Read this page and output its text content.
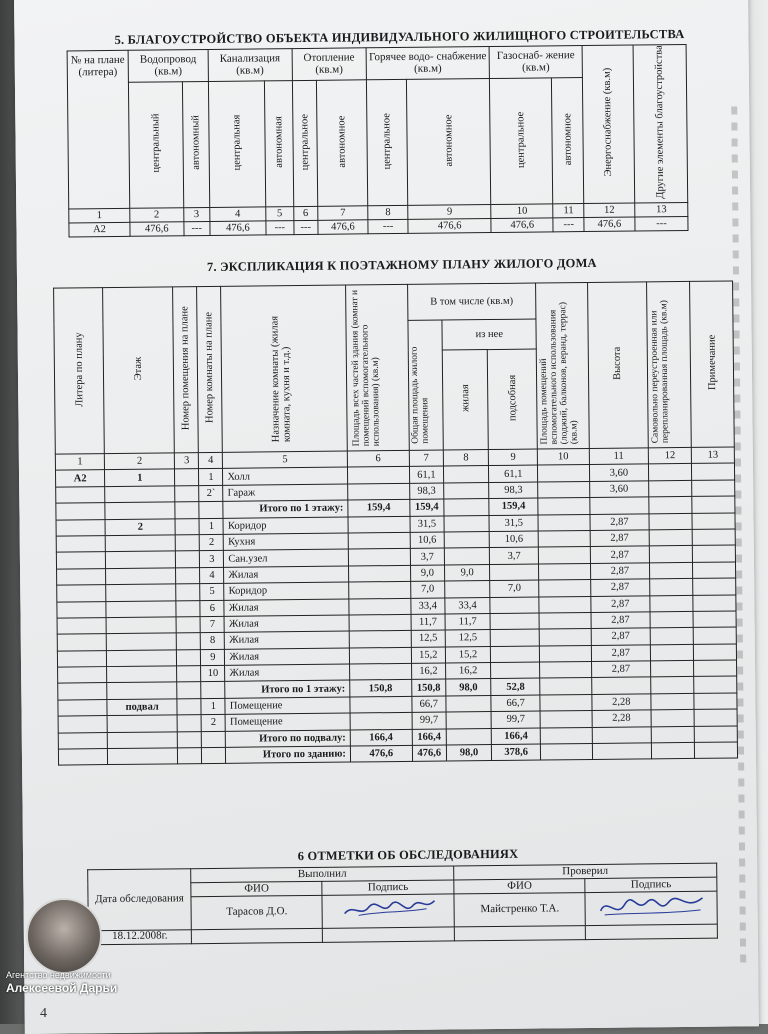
5. БЛАГОУСТРОЙСТВО ОБЪЕКТА ИНДИВИДУАЛЬНОГО ЖИЛИЩНОГО СТРОИТЕЛЬСТВА
№ на плане (литера)	Водопровод (кв.м)		Канализация (кв.м)		Отопление (кв.м)		Горячее водо- снабжение (кв.м)		Газоснаб- жение (кв.м)		Энергоснабжение (кв.м)	Другие элементы благоустройства
	центральный	автономный	центральная	автономная	центральное	автономное	центральное	автономное	центральное	автономное		
1	2	3	4	5	6	7	8	9	10	11	12	13
А2	476,6	---	476,6	---	---	476,6	---	476,6	476,6	---	476,6	---
7. ЭКСПЛИКАЦИЯ К ПОЭТАЖНОМУ ПЛАНУ ЖИЛОГО ДОМА
Литера по плану	Этаж	Номер помещения на плане	Номер комнаты на плане	Назначение комнаты (жилая комната, кухня и т.д.)	Площадь всех частей здания (комнат и помещений вспомогательного использования) (кв.м)	В том числе (кв.м)			Площадь помещений вспомогательного использования (лоджий, балконов, веранд, террас) (кв.м)	Высота	Самовольно переустроенная или перепланированная площадь (кв.м)	Примечание
						Общая площадь жилого помещения	из нее					
							жилая	подсобная				
1	2	3	4	5	6	7	8	9	10	11	12	13
А2	1		1	Холл		61,1		61,1		3,60		
			2`	Гараж		98,3		98,3		3,60		
				Итого по 1 этажу:	159,4	159,4		159,4				
	2		1	Коридор		31,5		31,5		2,87		
			2	Кухня		10,6		10,6		2,87		
			3	Сан.узел		3,7		3,7		2,87		
			4	Жилая		9,0	9,0			2,87		
			5	Коридор		7,0		7,0		2,87		
			6	Жилая		33,4	33,4			2,87		
			7	Жилая		11,7	11,7			2,87		
			8	Жилая		12,5	12,5			2,87		
			9	Жилая		15,2	15,2			2,87		
			10	Жилая		16,2	16,2			2,87		
				Итого по 1 этажу:	150,8	150,8	98,0	52,8				
	подвал		1	Помещение		66,7		66,7		2,28		
			2	Помещение		99,7		99,7		2,28		
				Итого по подвалу:	166,4	166,4		166,4				
				Итого по зданию:	476,6	476,6	98,0	378,6				
6 ОТМЕТКИ ОБ ОБСЛЕДОВАНИЯХ
Дата обследования	Выполнил		Проверил	
	ФИО	Подпись	ФИО	Подпись
	Тарасов Д.О.		Майстренко Т.А.	
18.12.2008г.				
Агентство недвижимости
Алексеевой Дарьи
4
